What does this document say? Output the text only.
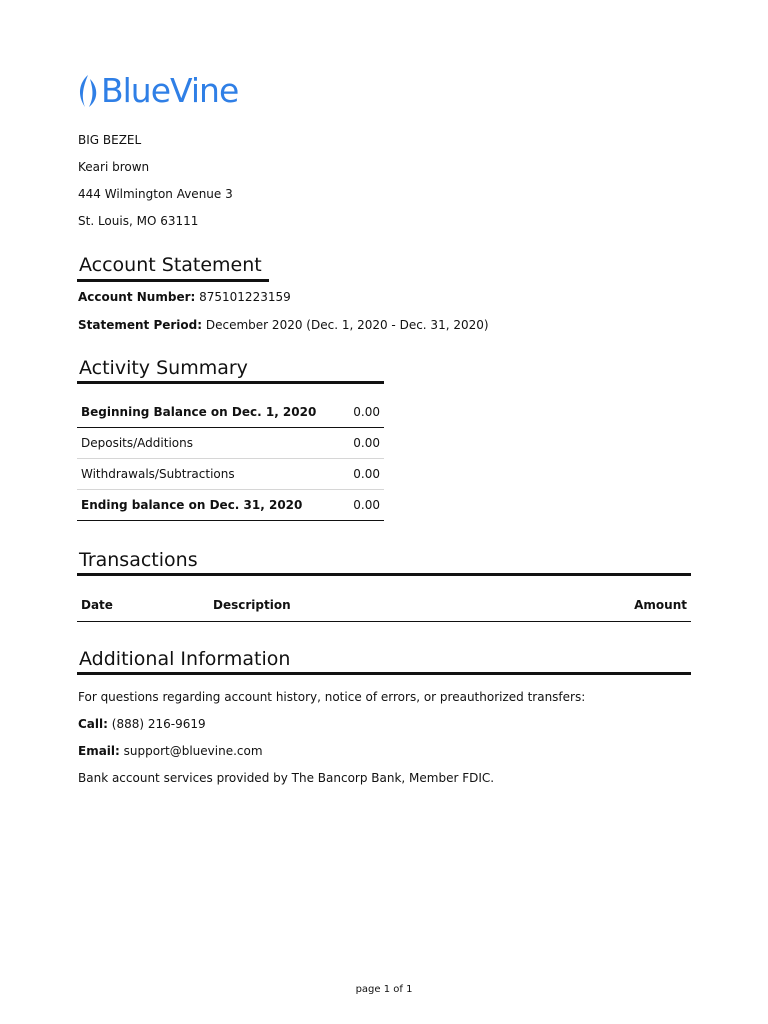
BlueVine
BIG BEZEL
Keari brown
444 Wilmington Avenue 3
St. Louis, MO 63111
Account Statement
Account Number: 875101223159
Statement Period: December 2020 (Dec. 1, 2020 - Dec. 31, 2020)
Activity Summary
Beginning Balance on Dec. 1, 2020	0.00
Deposits/Additions	0.00
Withdrawals/Subtractions	0.00
Ending balance on Dec. 31, 2020	0.00
Transactions
Date	Description	Amount
Additional Information
For questions regarding account history, notice of errors, or preauthorized transfers:
Call: (888) 216-9619
Email: support@bluevine.com
Bank account services provided by The Bancorp Bank, Member FDIC.
page 1 of 1
